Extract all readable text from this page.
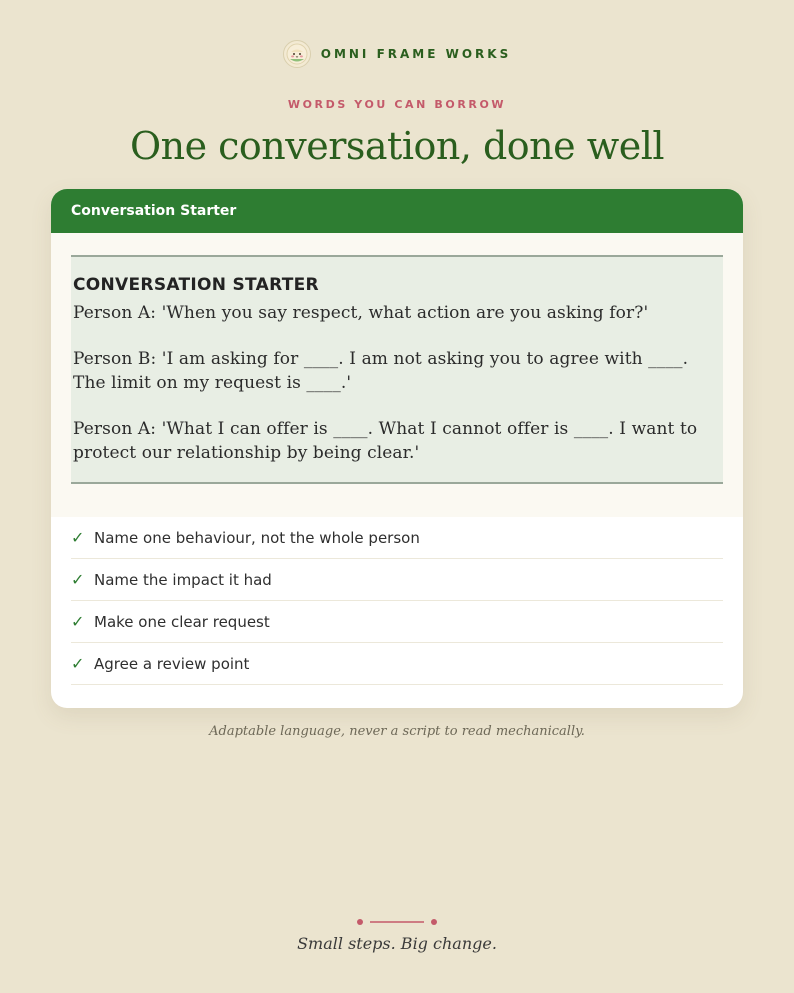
OMNI FRAME WORKS
WORDS YOU CAN BORROW
One conversation, done well
Conversation Starter
CONVERSATION STARTER

Person A: 'When you say respect, what action are you asking for?'

Person B: 'I am asking for ____. I am not asking you to agree with ____. The limit on my request is ____.'

Person A: 'What I can offer is ____. What I cannot offer is ____. I want to protect our relationship by being clear.'

✓ Name one behaviour, not the whole person
✓ Name the impact it had
✓ Make one clear request
✓ Agree a review point

Adaptable language, never a script to read mechanically.

Small steps. Big change.
